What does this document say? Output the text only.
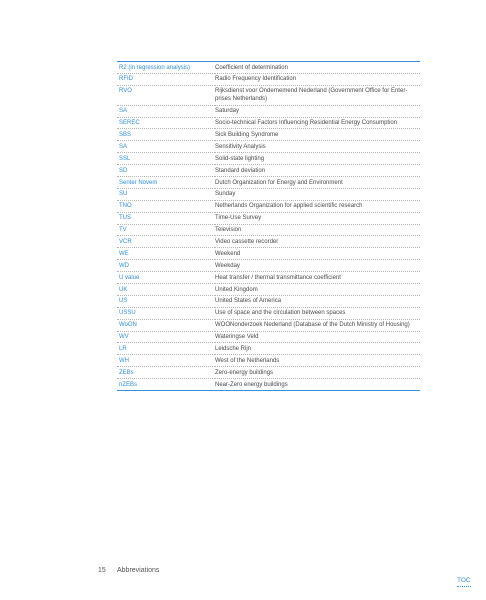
R2 (in regression analysis)	Coefficient of determination
RFID	Radio Frequency Identification
RVO	Rijksdienst voor Ondernemend Nederland (Government Office for Enter-prises Netherlands)
SA	Saturday
SEREC	Socio-technical Factors Influencing Residential Energy Consumption
SBS	Sick Building Syndrome
SA	Sensitivity Analysis
SSL	Solid-state lighting
SD	Standard deviation
Senter Novem	Dutch Organization for Energy and Environment
SU	Sunday
TNO	Netherlands Organization for applied scientific research
TUS	Time-Use Survey
TV	Television
VCR	Video cassette recorder
WE	Weekend
WD	Weekday
U value	Heat transfer / thermal transmittance coefficient
UK	United Kingdom
US	United States of America
USSU	Use of space and the circulation between spaces
WoON	WOONonderzoek Nederland (Database of the Dutch Ministry of Housing)
WV	Wateringse Veld
LR	Leidsche Rijn
WH	West of the Netherlands
ZEBs	Zero-energy buildings
nZEBs	Near-Zero energy buildings
15 Abbreviations
TOC
